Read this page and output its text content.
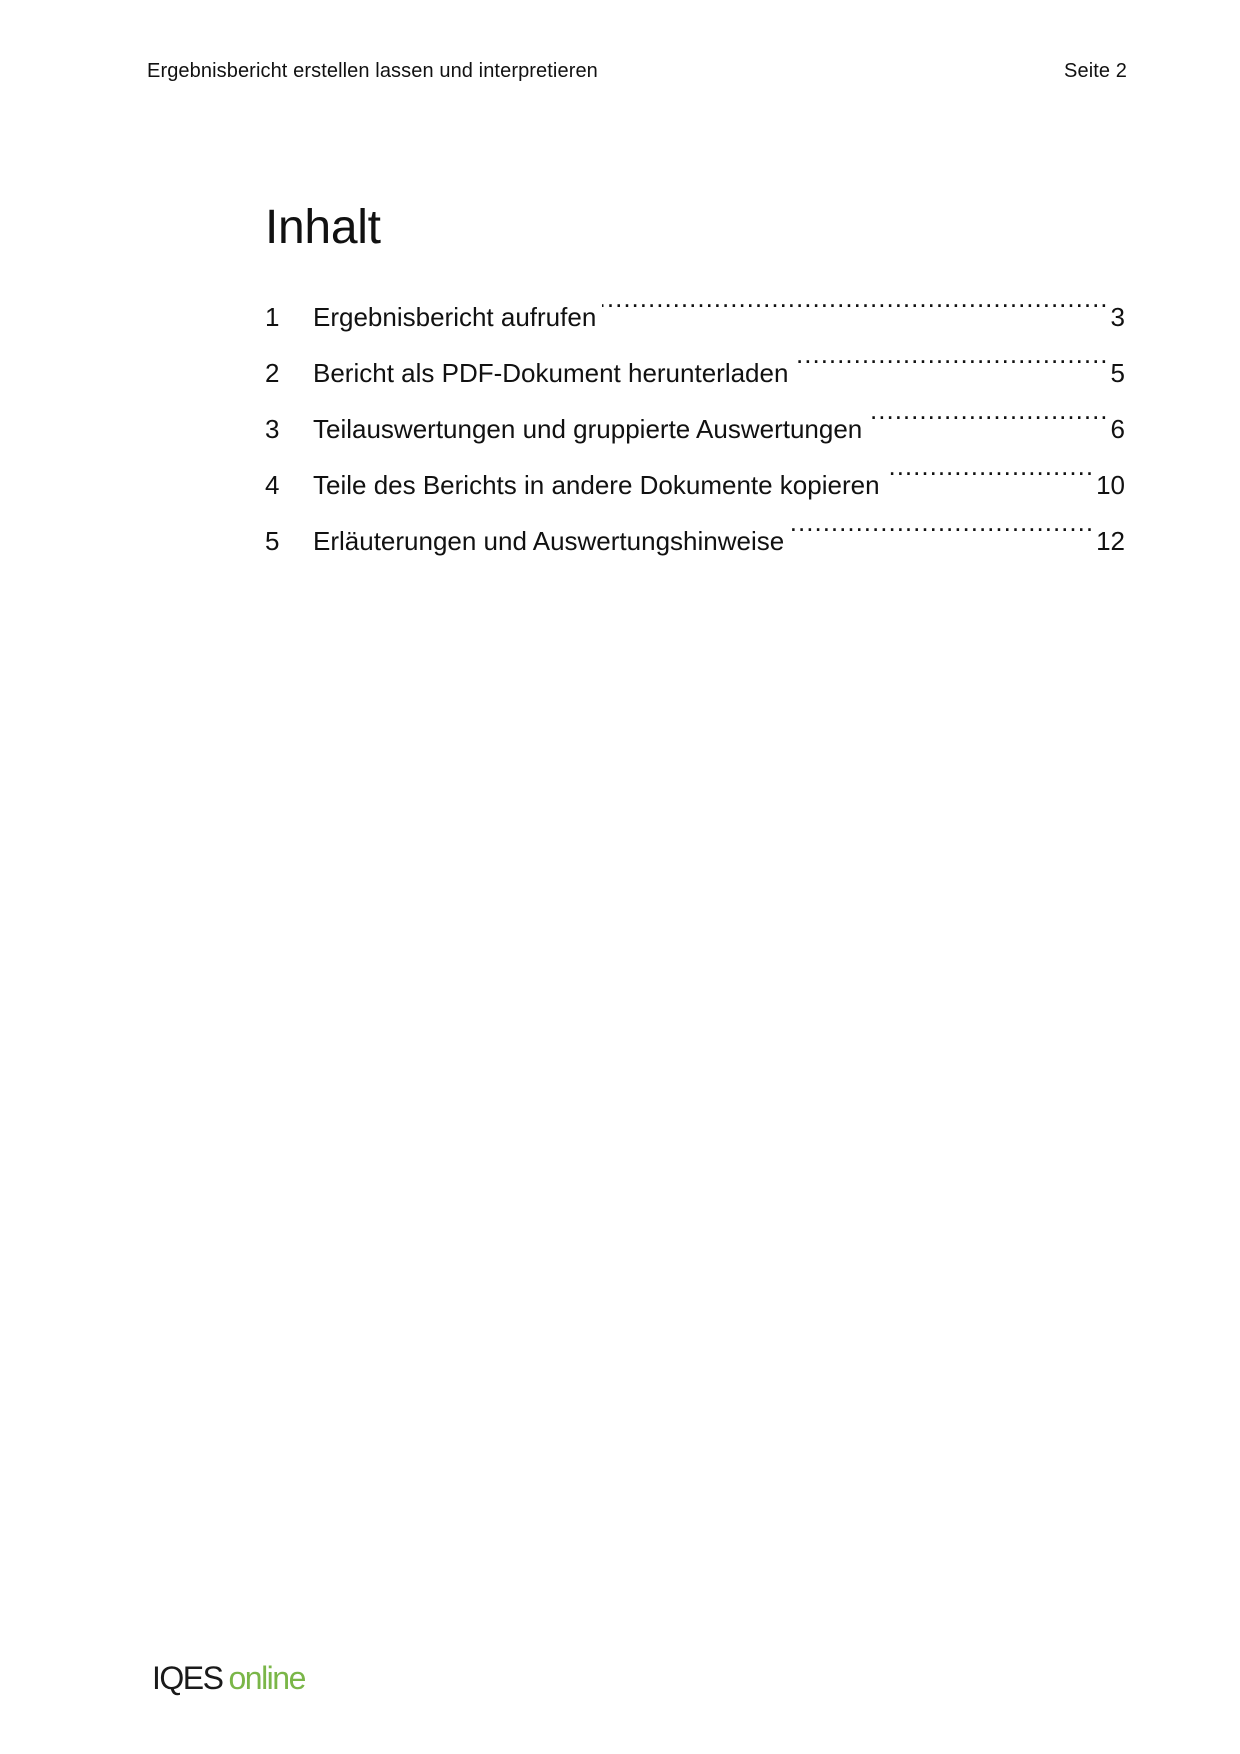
Ergebnisbericht erstellen lassen und interpretieren	Seite 2
Inhalt
1	Ergebnisbericht aufrufen .....	3
2	Bericht als PDF-Dokument herunterladen .....	5
3	Teilauswertungen und gruppierte Auswertungen .....	6
4	Teile des Berichts in andere Dokumente kopieren .....	10
5	Erläuterungen und Auswertungshinweise .....	12
IQES online
